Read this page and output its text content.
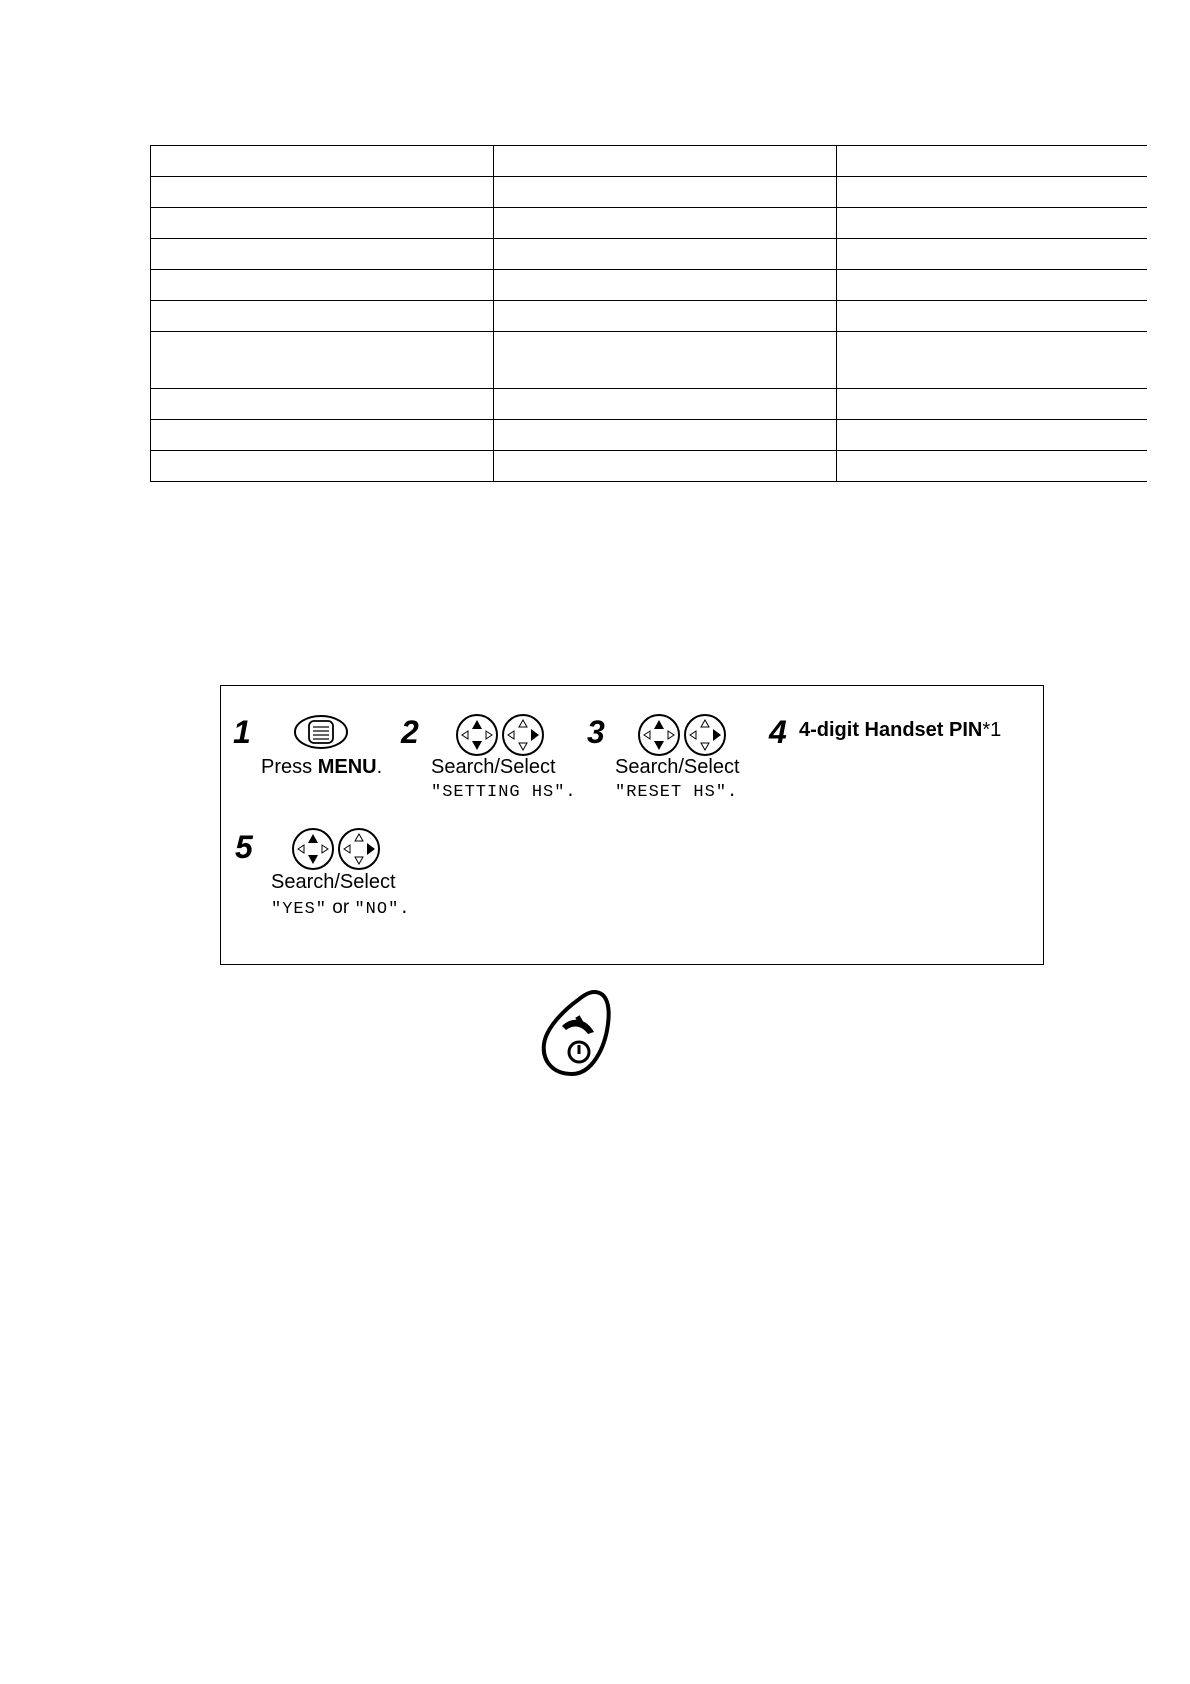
1
Press MENU.
2
Search/Select
"SETTING HS".
3
Search/Select
"RESET HS".
4 4-digit Handset PIN*1
5
Search/Select
"YES" or "NO".
